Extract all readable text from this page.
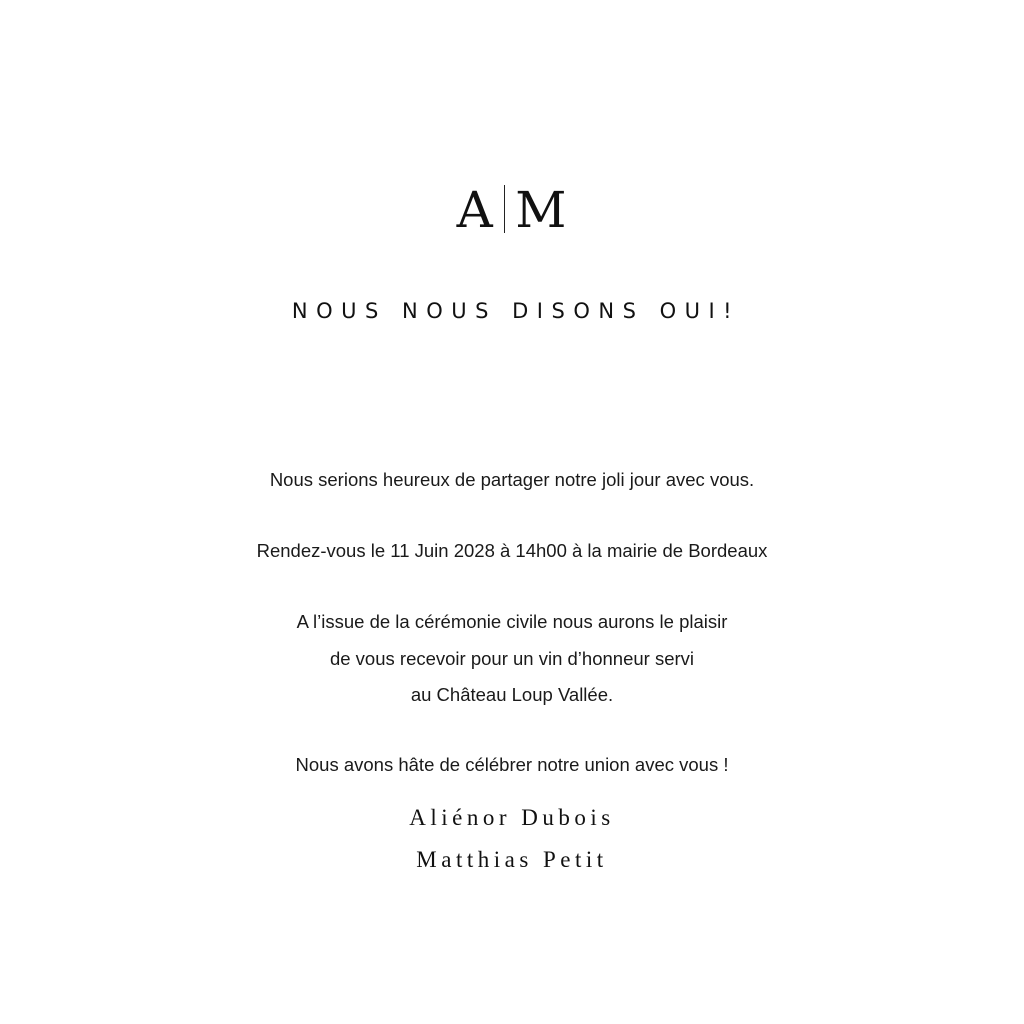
A M
NOUS NOUS DISONS OUI!
Nous serions heureux de partager notre joli jour avec vous.
Rendez-vous le 11 Juin 2028 à 14h00 à la mairie de Bordeaux
A l’issue de la cérémonie civile nous aurons le plaisir
de vous recevoir pour un vin d’honneur servi
au Château Loup Vallée.
Nous avons hâte de célébrer notre union avec vous !
Aliénor Dubois
Matthias Petit
